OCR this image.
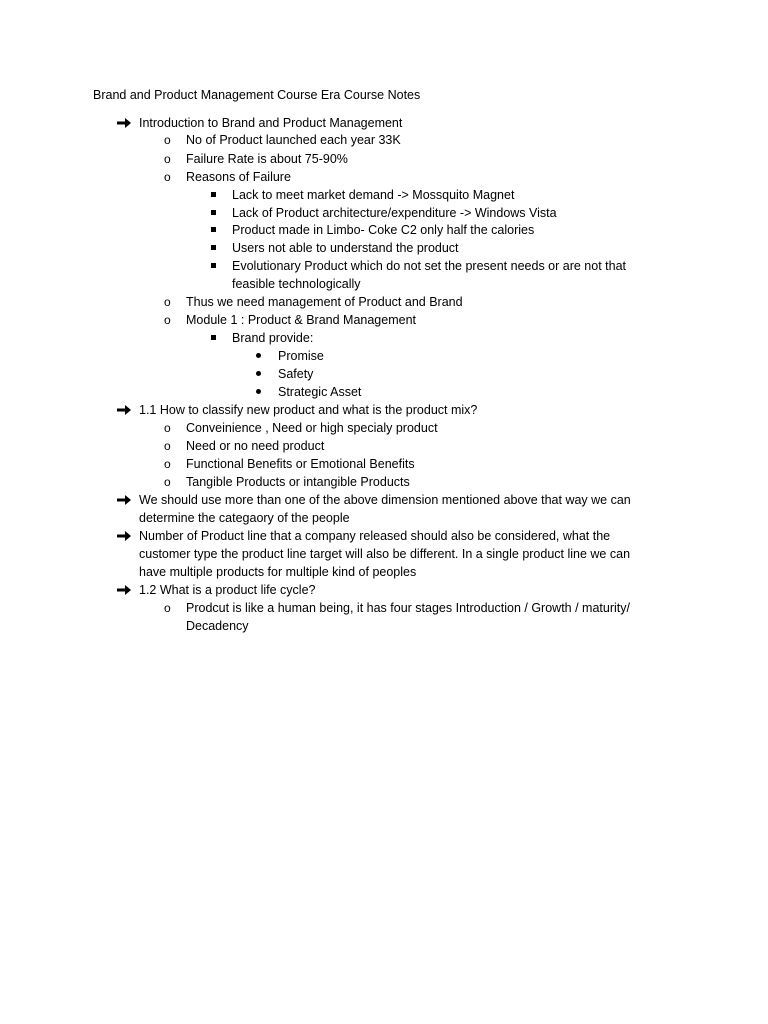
Brand and Product Management Course Era Course Notes
Introduction to Brand and Product Management
o No of Product launched each year 33K
o Failure Rate is about 75-90%
o Reasons of Failure
Lack to meet market demand -> Mossquito Magnet
Lack of Product architecture/expenditure -> Windows Vista
Product made in Limbo- Coke C2 only half the calories
Users not able to understand the product
Evolutionary Product which do not set the present needs or are not that
feasible technologically
o Thus we need management of Product and Brand
o Module 1 : Product & Brand Management
Brand provide:
Promise
Safety
Strategic Asset
1.1 How to classify new product and what is the product mix?
o Conveinience , Need or high specialy product
o Need or no need product
o Functional Benefits or Emotional Benefits
o Tangible Products or intangible Products
We should use more than one of the above dimension mentioned above that way we can
determine the categaory of the people
Number of Product line that a company released should also be considered, what the
customer type the product line target will also be different. In a single product line we can
have multiple products for multiple kind of peoples
1.2 What is a product life cycle?
o Prodcut is like a human being, it has four stages Introduction / Growth / maturity/
Decadency
